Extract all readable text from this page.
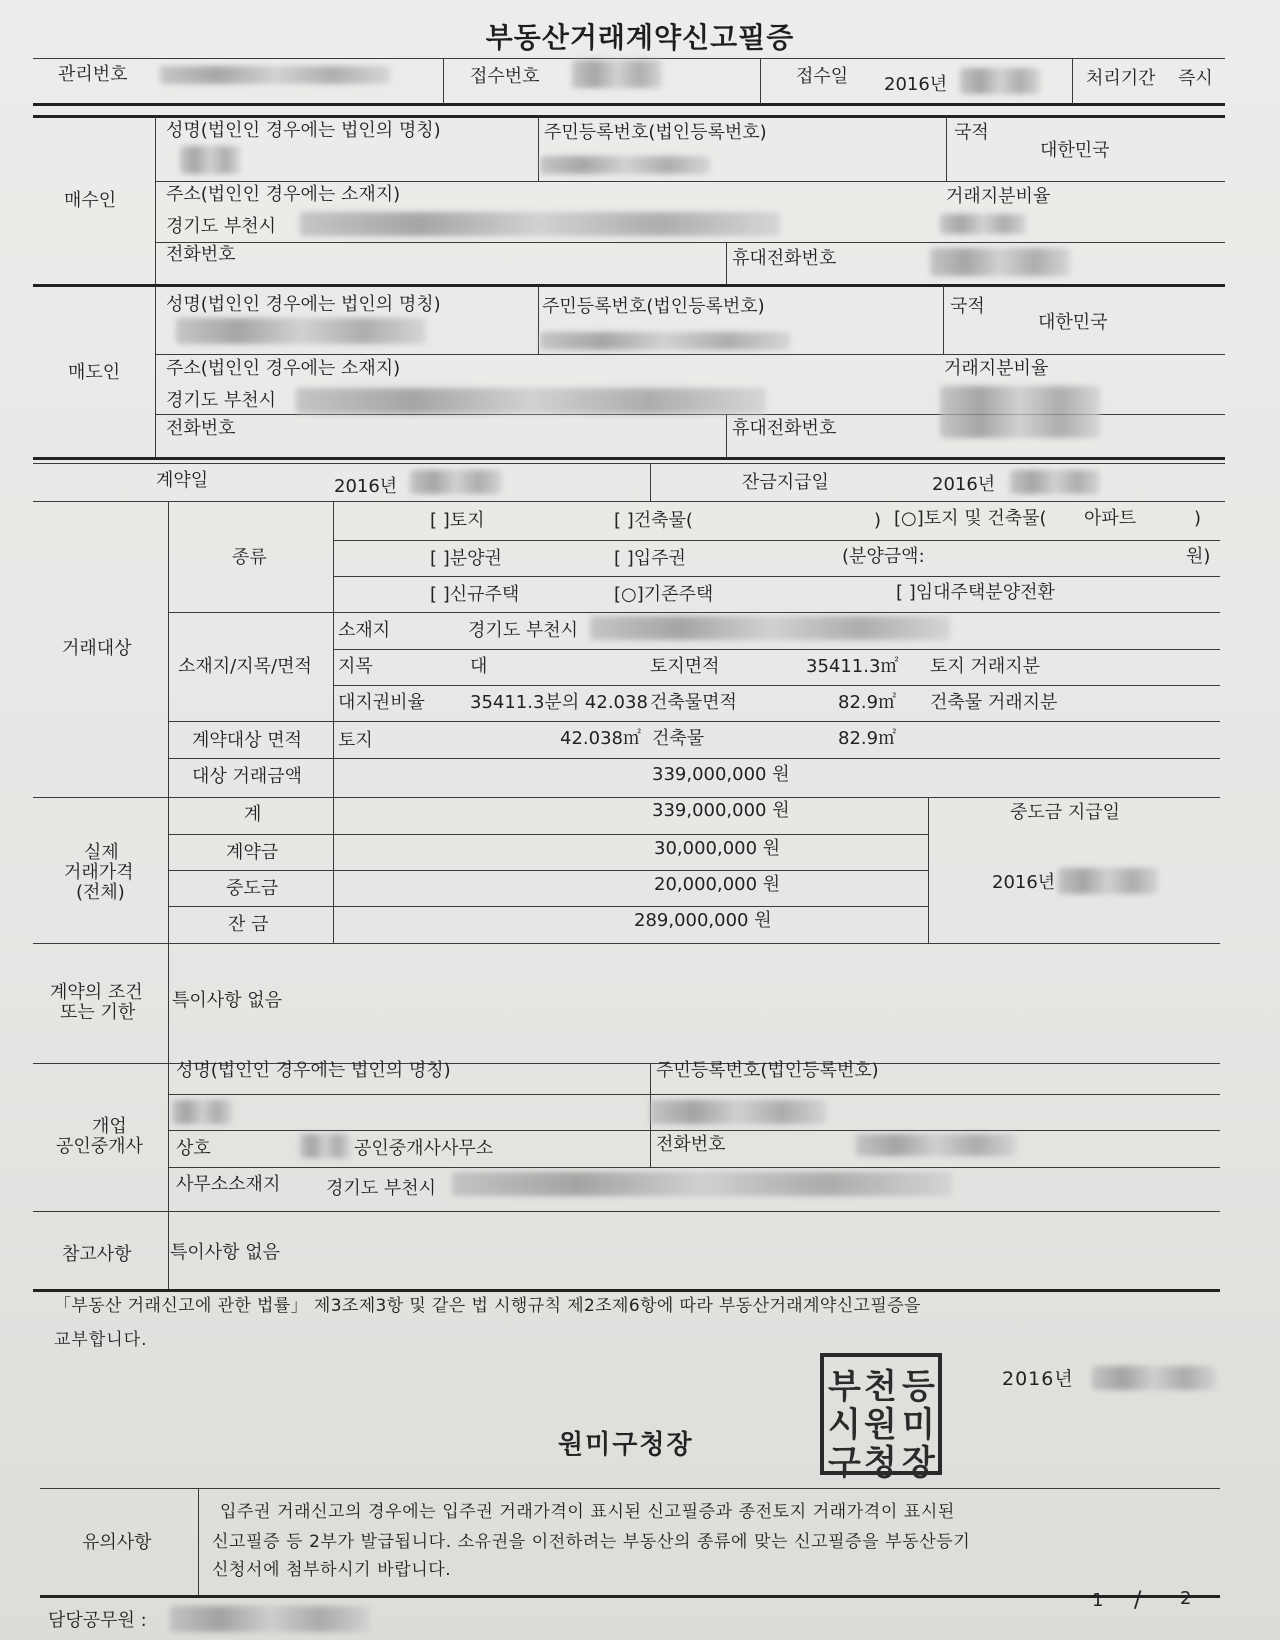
부동산거래계약신고필증
관리번호	접수번호	접수일 2016년	처리기간 즉시
매수인
성명(법인인 경우에는 법인의 명칭)	주민등록번호(법인등록번호)	국적
대한민국
주소(법인인 경우에는 소재지)	거래지분비율
경기도 부천시
전화번호	휴대전화번호
매도인
성명(법인인 경우에는 법인의 명칭)	주민등록번호(법인등록번호)	국적
대한민국
주소(법인인 경우에는 소재지)	거래지분비율
경기도 부천시
전화번호	휴대전화번호
계약일	2016년	잔금지급일	2016년
거래대상
종류
[ ]토지	[ ]건축물(	) [○]토지 및 건축물( 아파트	)
[ ]분양권	[ ]입주권	(분양금액:	원)
[ ]신규주택	[○]기존주택	[ ]임대주택분양전환
소재지/지목/면적
소재지	경기도 부천시
지목	대	토지면적	35411.3㎡ 토지 거래지분
대지권비율	35411.3분의 42.038 건축물면적	82.9㎡ 건축물 거래지분
계약대상 면적 토지	42.038㎡ 건축물	82.9㎡
대상 거래금액	339,000,000 원
실제
거래가격
(전체)
계	339,000,000 원
계약금	30,000,000 원
중도금	20,000,000 원
잔 금	289,000,000 원
중도금 지급일
2016년
계약의 조건
또는 기한
특이사항 없음
개업
공인중개사
성명(법인인 경우에는 법인의 명칭)	주민등록번호(법인등록번호)
상호	공인중개사사무소	전화번호
사무소소재지	경기도 부천시
참고사항 특이사항 없음
「부동산 거래신고에 관한 법률」 제3조제3항 및 같은 법 시행규칙 제2조제6항에 따라 부동산거래계약신고필증을
교부합니다.
2016년
원미구청장
부 천 등
시 원 미
구 청 장
유의사항
입주권 거래신고의 경우에는 입주권 거래가격이 표시된 신고필증과 종전토지 거래가격이 표시된
신고필증 등 2부가 발급됩니다. 소유권을 이전하려는 부동산의 종류에 맞는 신고필증을 부동산등기
신청서에 첨부하시기 바랍니다.
담당공무원 :
1 / 2
